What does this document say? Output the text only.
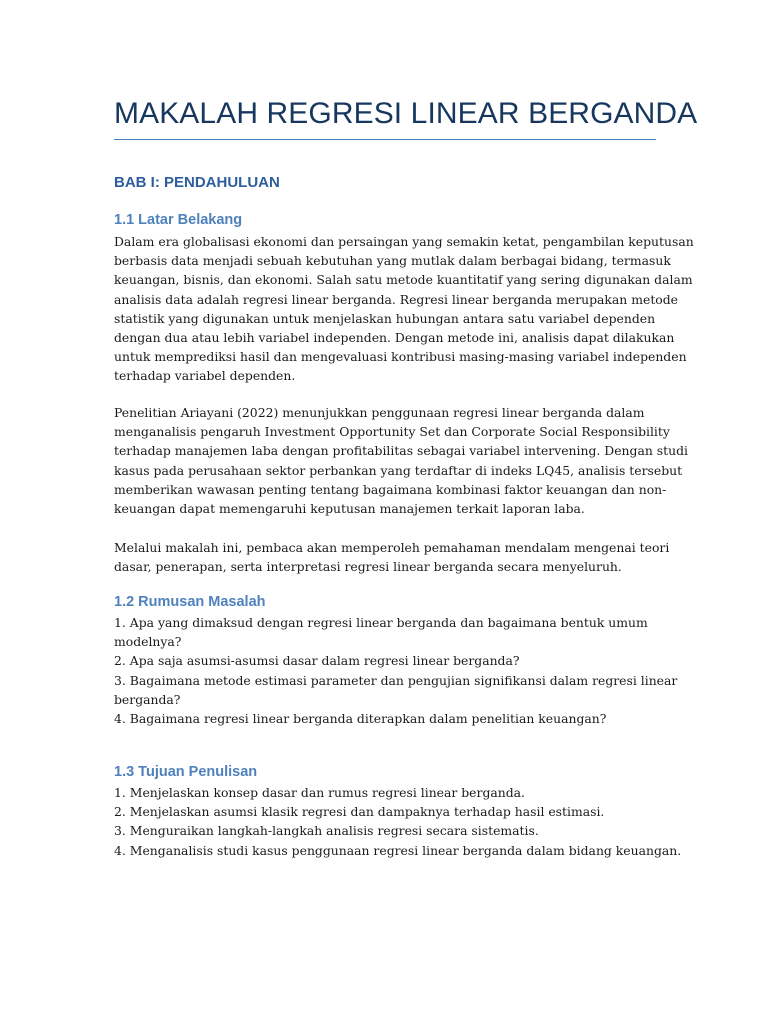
MAKALAH REGRESI LINEAR BERGANDA
BAB I: PENDAHULUAN
1.1 Latar Belakang

Dalam era globalisasi ekonomi dan persaingan yang semakin ketat, pengambilan keputusan
berbasis data menjadi sebuah kebutuhan yang mutlak dalam berbagai bidang, termasuk
keuangan, bisnis, dan ekonomi. Salah satu metode kuantitatif yang sering digunakan dalam
analisis data adalah regresi linear berganda. Regresi linear berganda merupakan metode
statistik yang digunakan untuk menjelaskan hubungan antara satu variabel dependen
dengan dua atau lebih variabel independen. Dengan metode ini, analisis dapat dilakukan
untuk memprediksi hasil dan mengevaluasi kontribusi masing-masing variabel independen
terhadap variabel dependen.

Penelitian Ariayani (2022) menunjukkan penggunaan regresi linear berganda dalam
menganalisis pengaruh Investment Opportunity Set dan Corporate Social Responsibility
terhadap manajemen laba dengan profitabilitas sebagai variabel intervening. Dengan studi
kasus pada perusahaan sektor perbankan yang terdaftar di indeks LQ45, analisis tersebut
memberikan wawasan penting tentang bagaimana kombinasi faktor keuangan dan non-
keuangan dapat memengaruhi keputusan manajemen terkait laporan laba.

Melalui makalah ini, pembaca akan memperoleh pemahaman mendalam mengenai teori
dasar, penerapan, serta interpretasi regresi linear berganda secara menyeluruh.

1.2 Rumusan Masalah
1. Apa yang dimaksud dengan regresi linear berganda dan bagaimana bentuk umum
modelnya?
2. Apa saja asumsi-asumsi dasar dalam regresi linear berganda?
3. Bagaimana metode estimasi parameter dan pengujian signifikansi dalam regresi linear
berganda?
4. Bagaimana regresi linear berganda diterapkan dalam penelitian keuangan?
1.3 Tujuan Penulisan
1. Menjelaskan konsep dasar dan rumus regresi linear berganda.
2. Menjelaskan asumsi klasik regresi dan dampaknya terhadap hasil estimasi.
3. Menguraikan langkah-langkah analisis regresi secara sistematis.
4. Menganalisis studi kasus penggunaan regresi linear berganda dalam bidang keuangan.
